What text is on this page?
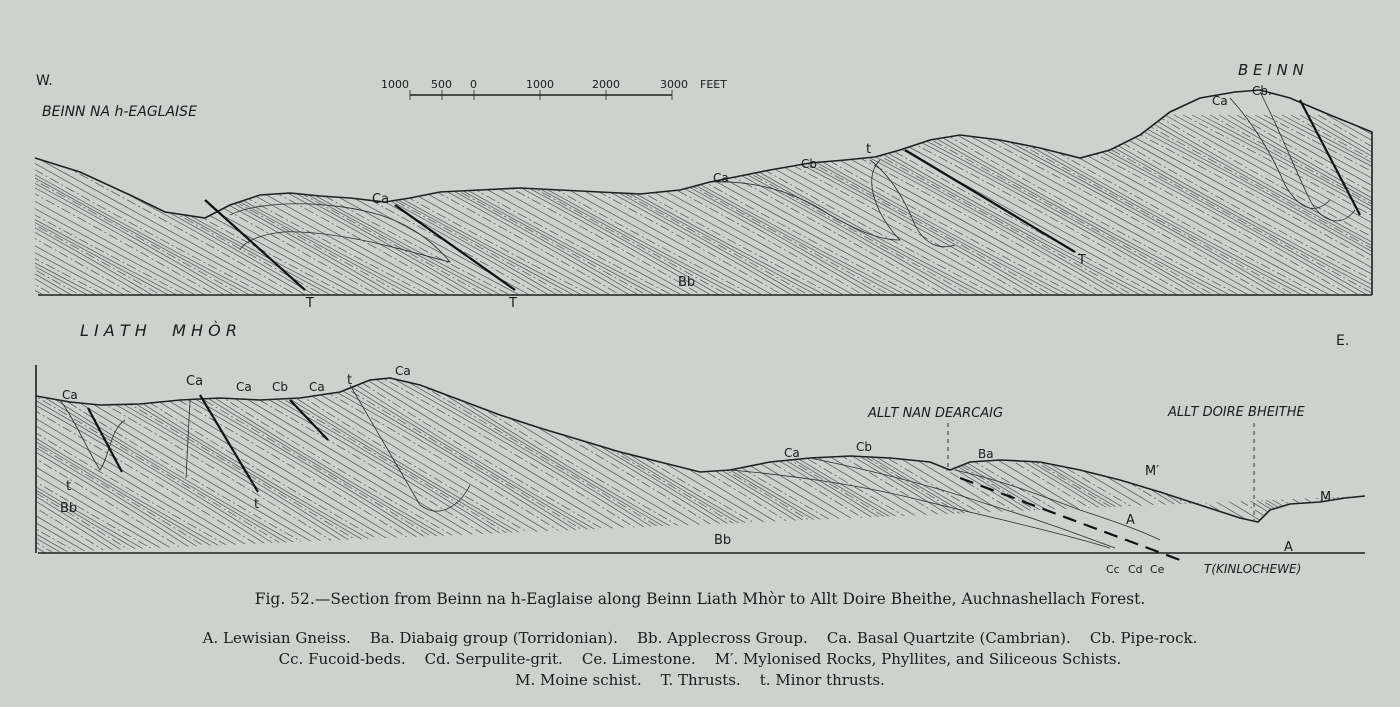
W.
BEINN NA h-EAGLAISE
B E I N N
Bb
Ca
Ca
Cb
t
Ca
Cb.
T	T
T
1000 500 0	1000	2000	3000 FEET
L I A T H     M H Ò R
E.
Bb
ALLT NAN DEARCAIG	ALLT DOIRE BHEITHE
Ca
Ca	Ca Cb Ca t
Ca
t
Bb	t
Ca	Cb	Ba
M′
M
A
A
Cc Cd Ce	T(KINLOCHEWE)
Fig. 52.—Section from Beinn na h-Eaglaise along Beinn Liath Mhòr to Allt Doire Bheithe, Auchnashellach Forest.
A. Lewisian Gneiss.    Ba. Diabaig group (Torridonian).    Bb. Applecross Group.    Ca. Basal Quartzite (Cambrian).    Cb. Pipe-rock.
Cc. Fucoid-beds.    Cd. Serpulite-grit.    Ce. Limestone.    M′. Mylonised Rocks, Phyllites, and Siliceous Schists.
M. Moine schist.    T. Thrusts.    t. Minor thrusts.
